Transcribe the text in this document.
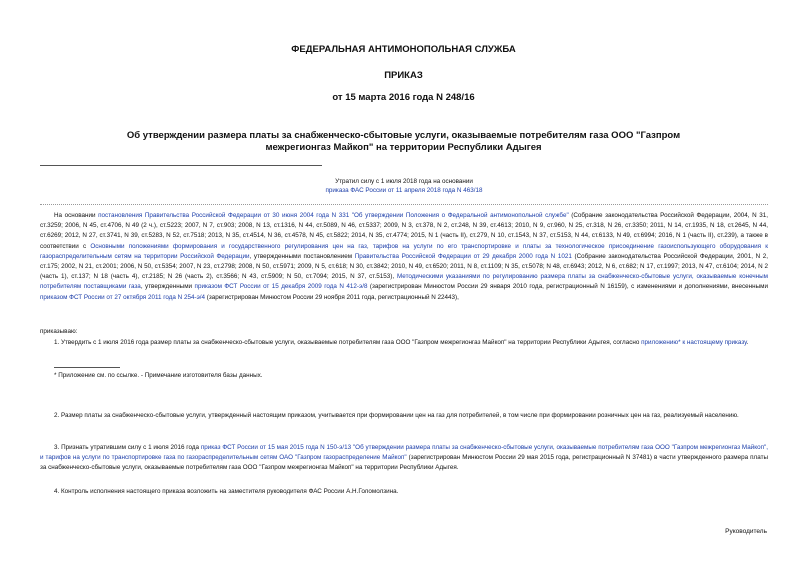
ФЕДЕРАЛЬНАЯ АНТИМОНОПОЛЬНАЯ СЛУЖБА
ПРИКАЗ
от 15 марта 2016 года N 248/16
Об утверждении размера платы за снабженческо-сбытовые услуги, оказываемые потребителям газа ООО "Газпром межрегионгаз Майкоп" на территории Республики Адыгея
Утратил силу с 1 июля 2018 года на основании
приказа ФАС России от 11 апреля 2018 года N 463/18
На основании постановления Правительства Российской Федерации от 30 июня 2004 года N 331 "Об утверждении Положения о Федеральной антимонопольной службе" (Собрание законодательства Российской Федерации, 2004, N 31, ст.3259; 2006, N 45, ст.4706, N 49 (2 ч.), ст.5223; 2007, N 7, ст.903; 2008, N 13, ст.1316, N 44, ст.5089, N 46, ст.5337; 2009, N 3, ст.378, N 2, ст.248, N 39, ст.4613; 2010, N 9, ст.960, N 25, ст.318, N 26, ст.3350; 2011, N 14, ст.1935, N 18, ст.2645, N 44, ст.6269; 2012, N 27, ст.3741, N 39, ст.5283, N 52, ст.7518; 2013, N 35, ст.4514, N 36, ст.4578, N 45, ст.5822; 2014, N 35, ст.4774; 2015, N 1 (часть II), ст.279, N 10, ст.1543, N 37, ст.5153, N 44, ст.6133, N 49, ст.6994; 2016, N 1 (часть II), ст.239), а также в соответствии с Основными положениями формирования и государственного регулирования цен на газ, тарифов на услуги по его транспортировке и платы за технологическое присоединение газоиспользующего оборудования к газораспределительным сетям на территории Российской Федерации, утвержденными постановлением Правительства Российской Федерации от 29 декабря 2000 года N 1021 (Собрание законодательства Российской Федерации, 2001, N 2, ст.175; 2002, N 21, ст.2001; 2006, N 50, ст.5354; 2007, N 23, ст.2798; 2008, N 50, ст.5971; 2009, N 5, ст.618; N 30, ст.3842; 2010, N 49, ст.6520; 2011, N 8, ст.1109; N 35, ст.5078; N 48, ст.6943; 2012, N 6, ст.682; N 17, ст.1997; 2013, N 47, ст.6104; 2014, N 2 (часть 1), ст.137; N 18 (часть 4), ст.2185; N 26 (часть 2), ст.3566; N 43, ст.5909; N 50, ст.7094; 2015, N 37, ст.5153), Методическими указаниями по регулированию размера платы за снабженческо-сбытовые услуги, оказываемые конечным потребителям поставщиками газа, утвержденными приказом ФСТ России от 15 декабря 2009 года N 412-э/8 (зарегистрирован Минюстом России 29 января 2010 года, регистрационный N 16159), с изменениями и дополнениями, внесенными приказом ФСТ России от 27 октября 2011 года N 254-э/4 (зарегистрирован Минюстом России 29 ноября 2011 года, регистрационный N 22443),
приказываю:
1. Утвердить с 1 июля 2016 года размер платы за снабженческо-сбытовые услуги, оказываемые потребителям газа ООО "Газпром межрегионгаз Майкоп" на территории Республики Адыгея, согласно приложению* к настоящему приказу.
* Приложение см. по ссылке. - Примечание изготовителя базы данных.
2. Размер платы за снабженческо-сбытовые услуги, утвержденный настоящим приказом, учитывается при формировании цен на газ для потребителей, в том числе при формировании розничных цен на газ, реализуемый населению.
3. Признать утратившим силу с 1 июля 2016 года приказ ФСТ России от 15 мая 2015 года N 150-э/13 "Об утверждении размера платы за снабженческо-сбытовые услуги, оказываемые потребителям газа ООО "Газпром межрегионгаз Майкоп", и тарифов на услуги по транспортировке газа по газораспределительным сетям ОАО "Газпром газораспределение Майкоп" (зарегистрирован Минюстом России 29 мая 2015 года, регистрационный N 37481) в части утвержденного размера платы за снабженческо-сбытовые услуги, оказываемые потребителям газа ООО "Газпром межрегионгаз Майкоп" на территории Республики Адыгея.
4. Контроль исполнения настоящего приказа возложить на заместителя руководителя ФАС России А.Н.Голомолзина.
Руководитель
